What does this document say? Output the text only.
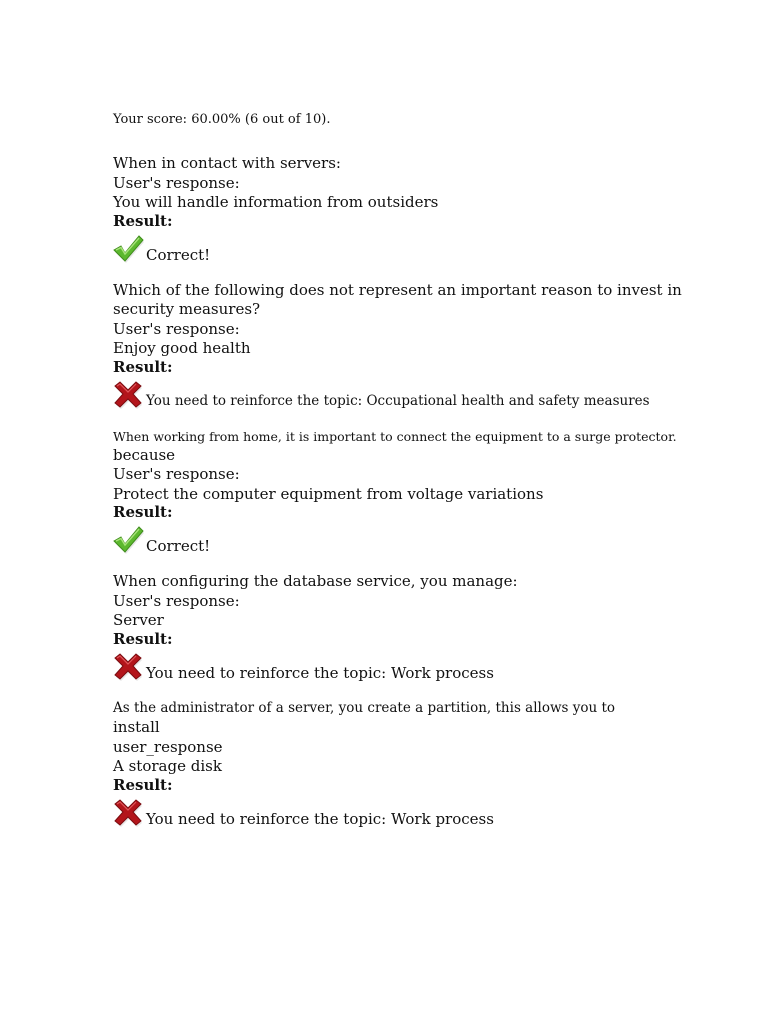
Your score: 60.00% (6 out of 10).
When in contact with servers:
User's response:
You will handle information from outsiders
Result:
Correct!
Which of the following does not represent an important reason to invest in
security measures?
User's response:
Enjoy good health
Result:
You need to reinforce the topic: Occupational health and safety measures
When working from home, it is important to connect the equipment to a surge protector.
because
User's response:
Protect the computer equipment from voltage variations
Result:
Correct!
When configuring the database service, you manage:
User's response:
Server
Result:
You need to reinforce the topic: Work process
As the administrator of a server, you create a partition, this allows you to
install
user_response
A storage disk
Result:
You need to reinforce the topic: Work process
